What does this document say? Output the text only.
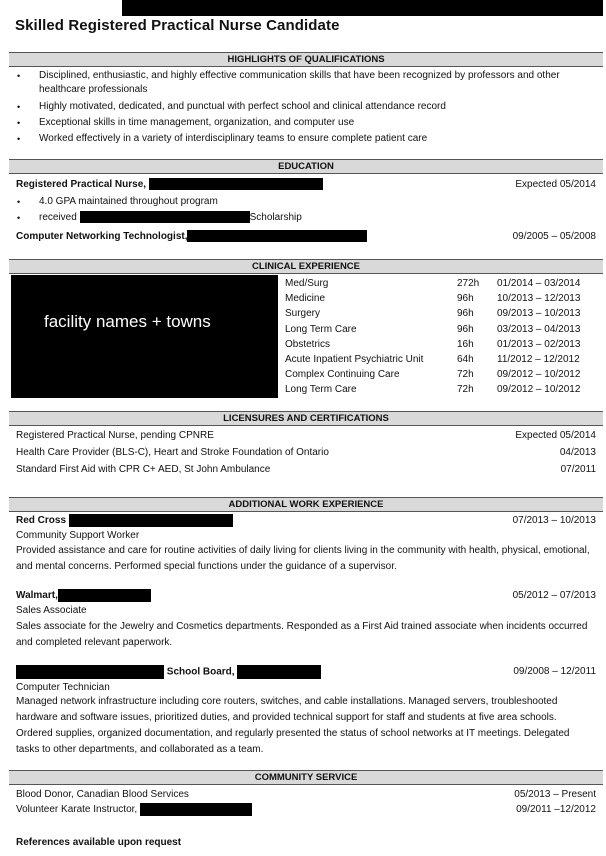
Skilled Registered Practical Nurse Candidate
HIGHLIGHTS OF QUALIFICATIONS
• Disciplined, enthusiastic, and highly effective communication skills that have been recognized by professors and other healthcare professionals
• Highly motivated, dedicated, and punctual with perfect school and clinical attendance record
• Exceptional skills in time management, organization, and computer use
• Worked effectively in a variety of interdisciplinary teams to ensure complete patient care
EDUCATION
Registered Practical Nurse,	Expected 05/2014
• 4.0 GPA maintained throughout program
• received	Scholarship
Computer Networking Technologist,	09/2005 – 05/2008
CLINICAL EXPERIENCE
facility names + towns
Med/Surg	272h 01/2014 – 03/2014
Medicine	96h 10/2013 – 12/2013
Surgery	96h 09/2013 – 10/2013
Long Term Care	96h 03/2013 – 04/2013
Obstetrics	16h 01/2013 – 02/2013
Acute Inpatient Psychiatric Unit	64h 11/2012 – 12/2012
Complex Continuing Care	72h 09/2012 – 10/2012
Long Term Care	72h 09/2012 – 10/2012
LICENSURES AND CERTIFICATIONS
Registered Practical Nurse, pending CPNRE	Expected 05/2014
Health Care Provider (BLS-C), Heart and Stroke Foundation of Ontario	04/2013
Standard First Aid with CPR C+ AED, St John Ambulance	07/2011
ADDITIONAL WORK EXPERIENCE
Red Cross	07/2013 – 10/2013
Community Support Worker
Provided assistance and care for routine activities of daily living for clients living in the community with health, physical, emotional, and mental concerns. Performed special functions under the guidance of a supervisor.
Walmart,	05/2012 – 07/2013
Sales Associate
Sales associate for the Jewelry and Cosmetics departments. Responded as a First Aid trained associate when incidents occurred and completed relevant paperwork.
School Board,	09/2008 – 12/2011
Computer Technician
Managed network infrastructure including core routers, switches, and cable installations. Managed servers, troubleshooted hardware and software issues, prioritized duties, and provided technical support for staff and students at five area schools. Ordered supplies, organized documentation, and regularly presented the status of school networks at IT meetings. Delegated tasks to other departments, and collaborated as a team.
COMMUNITY SERVICE
Blood Donor, Canadian Blood Services	05/2013 – Present
Volunteer Karate Instructor,	09/2011 –12/2012
References available upon request
